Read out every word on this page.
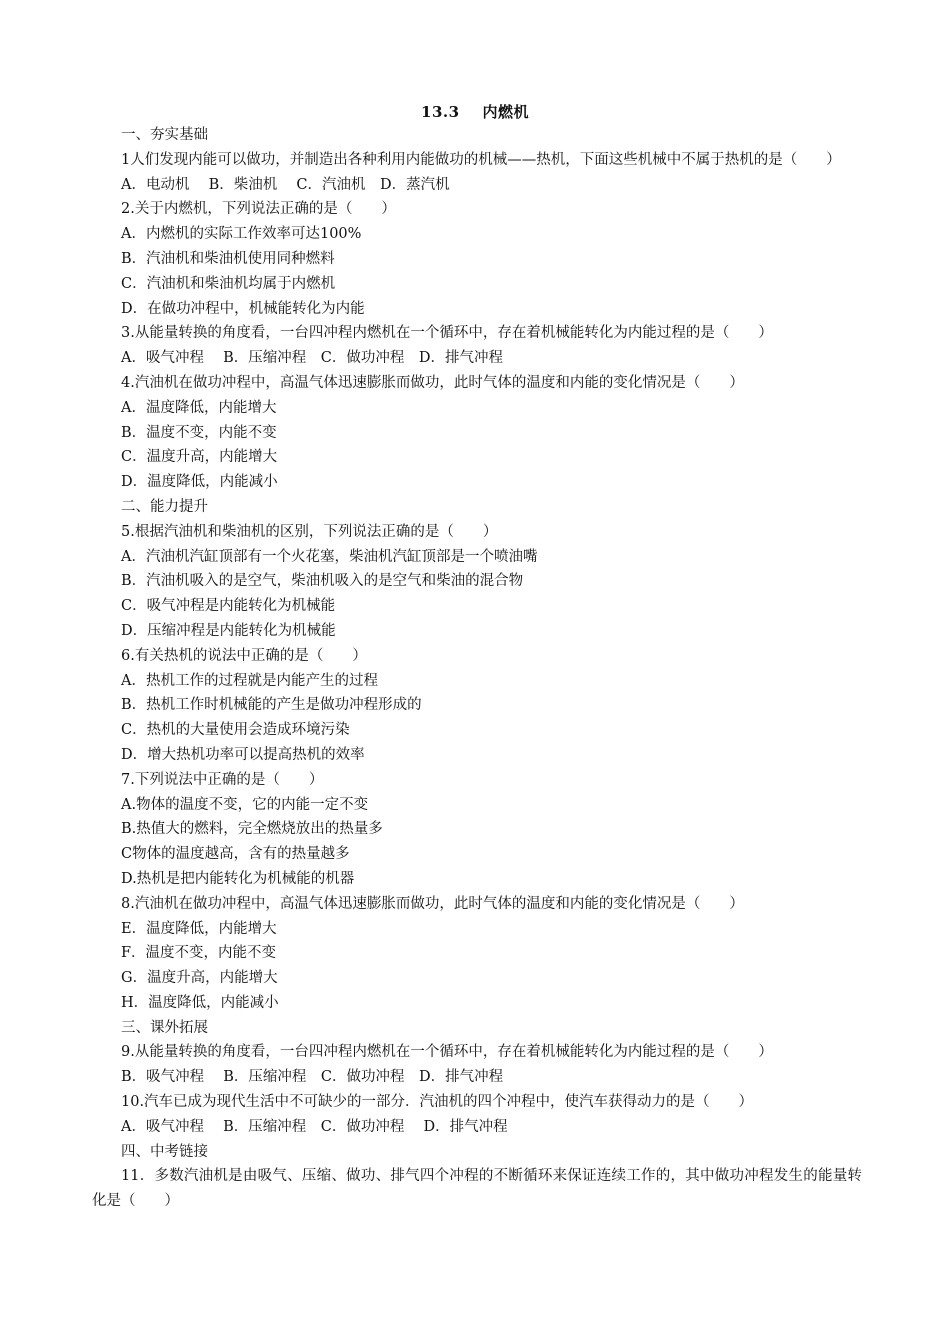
13.3    内燃机
一、夯实基础
1人们发现内能可以做功，并制造出各种利用内能做功的机械——热机，下面这些机械中不属于热机的是（　　）
A．电动机　 B．柴油机　 C．汽油机　D．蒸汽机
2.关于内燃机，下列说法正确的是（　　）
A．内燃机的实际工作效率可达100%
B．汽油机和柴油机使用同种燃料
C．汽油机和柴油机均属于内燃机
D．在做功冲程中，机械能转化为内能
3.从能量转换的角度看，一台四冲程内燃机在一个循环中，存在着机械能转化为内能过程的是（　　）
A．吸气冲程　 B．压缩冲程　C．做功冲程　D．排气冲程
4.汽油机在做功冲程中，高温气体迅速膨胀而做功，此时气体的温度和内能的变化情况是（　　）
A．温度降低，内能增大
B．温度不变，内能不变
C．温度升高，内能增大
D．温度降低，内能减小
二、能力提升
5.根据汽油机和柴油机的区别，下列说法正确的是（　　）
A．汽油机汽缸顶部有一个火花塞，柴油机汽缸顶部是一个喷油嘴
B．汽油机吸入的是空气，柴油机吸入的是空气和柴油的混合物
C．吸气冲程是内能转化为机械能
D．压缩冲程是内能转化为机械能
6.有关热机的说法中正确的是（　　）
A．热机工作的过程就是内能产生的过程
B．热机工作时机械能的产生是做功冲程形成的
C．热机的大量使用会造成环境污染
D．增大热机功率可以提高热机的效率
7.下列说法中正确的是（　　）
A.物体的温度不变，它的内能一定不变
B.热值大的燃料，完全燃烧放出的热量多
C物体的温度越高，含有的热量越多
D.热机是把内能转化为机械能的机器
8.汽油机在做功冲程中，高温气体迅速膨胀而做功，此时气体的温度和内能的变化情况是（　　）
E．温度降低，内能增大
F．温度不变，内能不变
G．温度升高，内能增大
H．温度降低，内能减小
三、课外拓展
9.从能量转换的角度看，一台四冲程内燃机在一个循环中，存在着机械能转化为内能过程的是（　　）
B．吸气冲程　 B．压缩冲程　C．做功冲程　D．排气冲程
10.汽车已成为现代生活中不可缺少的一部分．汽油机的四个冲程中，使汽车获得动力的是（　　）
A．吸气冲程　 B．压缩冲程　C．做功冲程　 D．排气冲程
四、中考链接
11．多数汽油机是由吸气、压缩、做功、排气四个冲程的不断循环来保证连续工作的，其中做功冲程发生的能量转化是（　　）
